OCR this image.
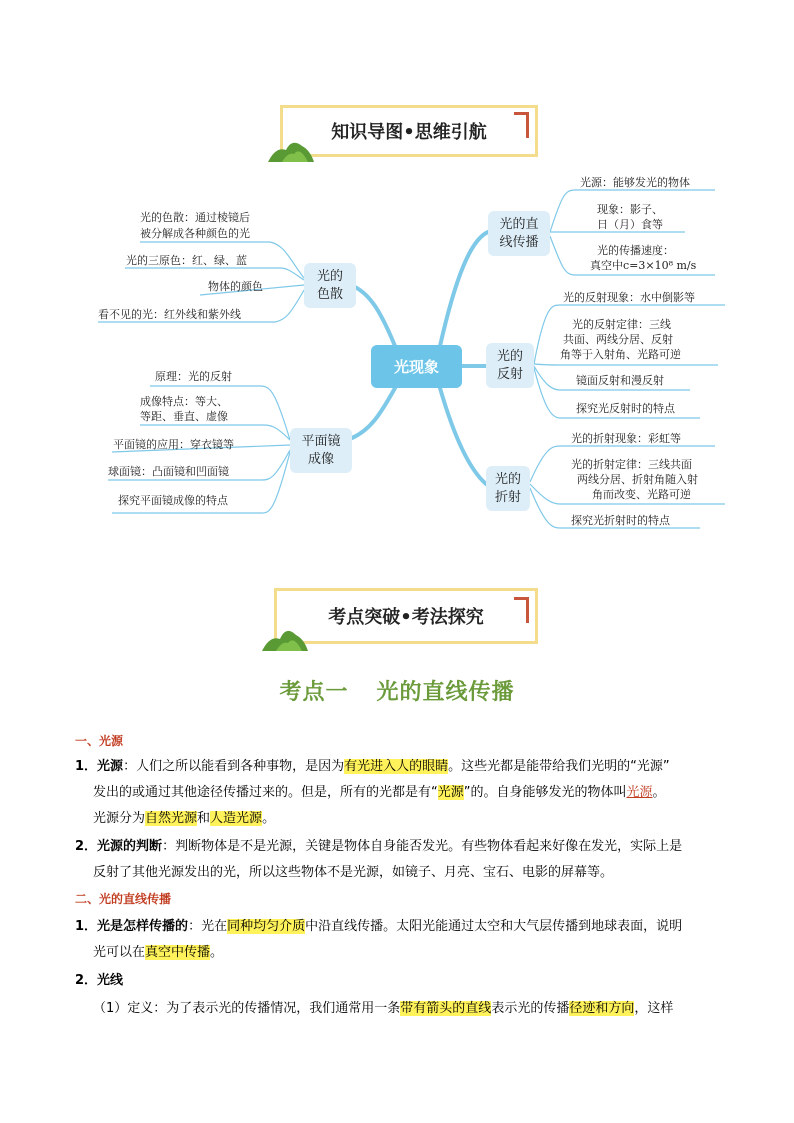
知识导图•思维引航
光现象
光的
色散
光的色散：通过棱镜后
被分解成各种颜色的光
光的三原色：红、绿、蓝
物体的颜色
看不见的光：红外线和紫外线
平面镜
成像
原理：光的反射
成像特点：等大、
等距、垂直、虚像
平面镜的应用：穿衣镜等
球面镜：凸面镜和凹面镜
探究平面镜成像的特点
光的直
线传播
光源：能够发光的物体
现象：影子、
日（月）食等
光的传播速度：
真空中c=3×10⁸ m/s
光的
反射
光的反射现象：水中倒影等
光的反射定律：三线
共面、两线分居、反射
角等于入射角、光路可逆
镜面反射和漫反射
探究光反射时的特点
光的
折射
光的折射现象：彩虹等
光的折射定律：三线共面
两线分居、折射角随入射
角而改变、光路可逆
探究光折射时的特点
考点突破•考法探究
考点一 光的直线传播
一、光源
1．光源：人们之所以能看到各种事物，是因为有光进入人的眼睛。这些光都是能带给我们光明的“光源”
发出的或通过其他途径传播过来的。但是，所有的光都是有“光源”的。自身能够发光的物体叫光源。
光源分为自然光源和人造光源。
2．光源的判断：判断物体是不是光源，关键是物体自身能否发光。有些物体看起来好像在发光，实际上是
反射了其他光源发出的光，所以这些物体不是光源，如镜子、月亮、宝石、电影的屏幕等。
二、光的直线传播
1．光是怎样传播的：光在同种均匀介质中沿直线传播。太阳光能通过太空和大气层传播到地球表面，说明
光可以在真空中传播。
2．光线
（1）定义：为了表示光的传播情况，我们通常用一条带有箭头的直线表示光的传播径迹和方向，这样
